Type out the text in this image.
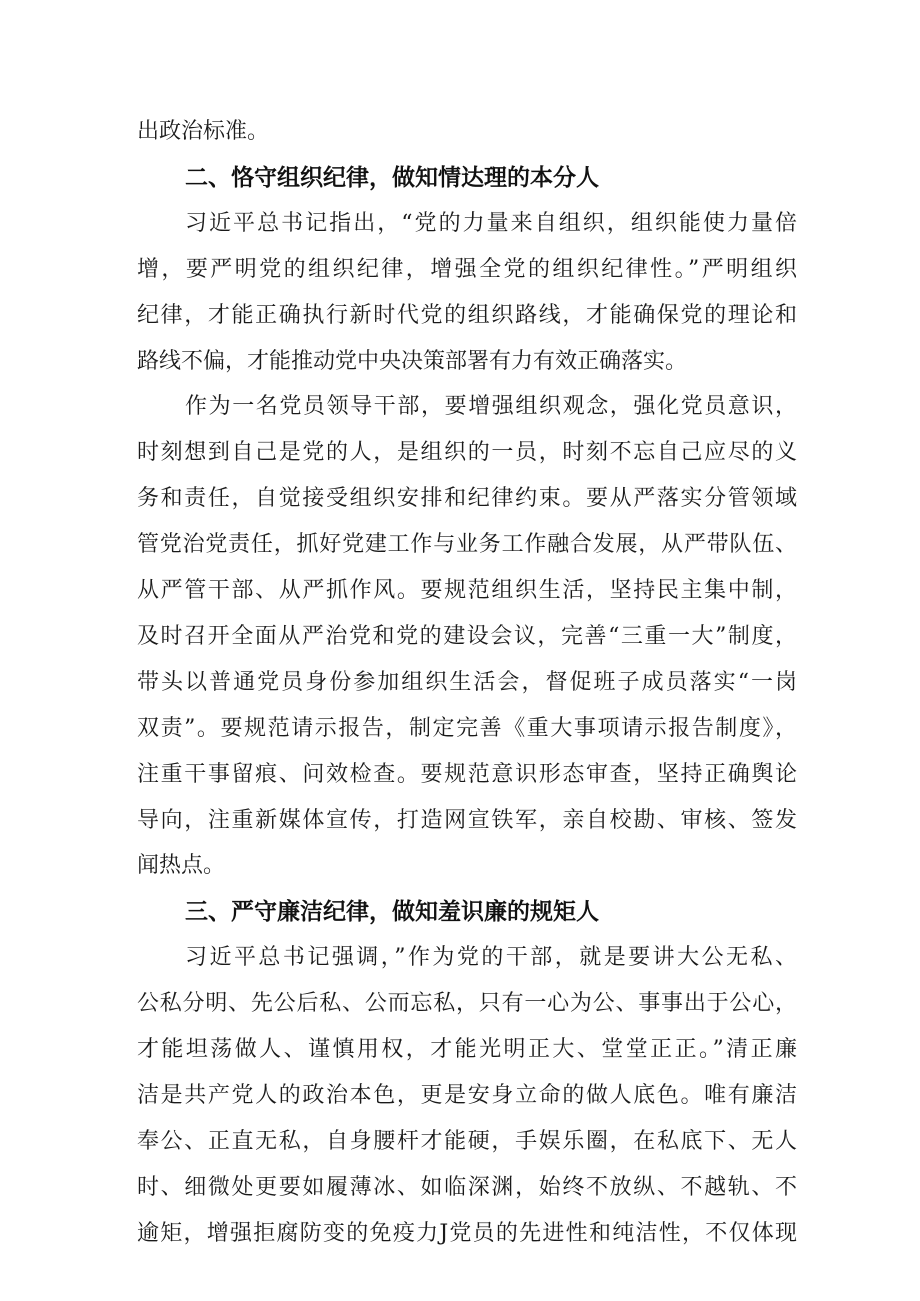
出政治标准。
二、恪守组织纪律，做知情达理的本分人
习近平总书记指出，“党的力量来自组织，组织能使力量倍
增，要严明党的组织纪律，增强全党的组织纪律性。”严明组织
纪律，才能正确执行新时代党的组织路线，才能确保党的理论和
路线不偏，才能推动党中央决策部署有力有效正确落实。
作为一名党员领导干部，要增强组织观念，强化党员意识，
时刻想到自己是党的人，是组织的一员，时刻不忘自己应尽的义
务和责任，自觉接受组织安排和纪律约束。要从严落实分管领域
管党治党责任，抓好党建工作与业务工作融合发展，从严带队伍、
从严管干部、从严抓作风。要规范组织生活，坚持民主集中制，
及时召开全面从严治党和党的建设会议，完善“三重一大”制度，
带头以普通党员身份参加组织生活会，督促班子成员落实“一岗
双责”。要规范请示报告，制定完善《重大事项请示报告制度》，
注重干事留痕、问效检查。要规范意识形态审查，坚持正确舆论
导向，注重新媒体宣传，打造网宣铁军，亲自校勘、审核、签发
闻热点。
三、严守廉洁纪律，做知羞识廉的规矩人
习近平总书记强调，”作为党的干部，就是要讲大公无私、
公私分明、先公后私、公而忘私，只有一心为公、事事出于公心，
才能坦荡做人、谨慎用权，才能光明正大、堂堂正正。”清正廉
洁是共产党人的政治本色，更是安身立命的做人底色。唯有廉洁
奉公、正直无私，自身腰杆才能硬，手娱乐圈，在私底下、无人
时、细微处更要如履薄冰、如临深渊，始终不放纵、不越轨、不
逾矩，增强拒腐防变的免疫力J党员的先进性和纯洁性，不仅体现
